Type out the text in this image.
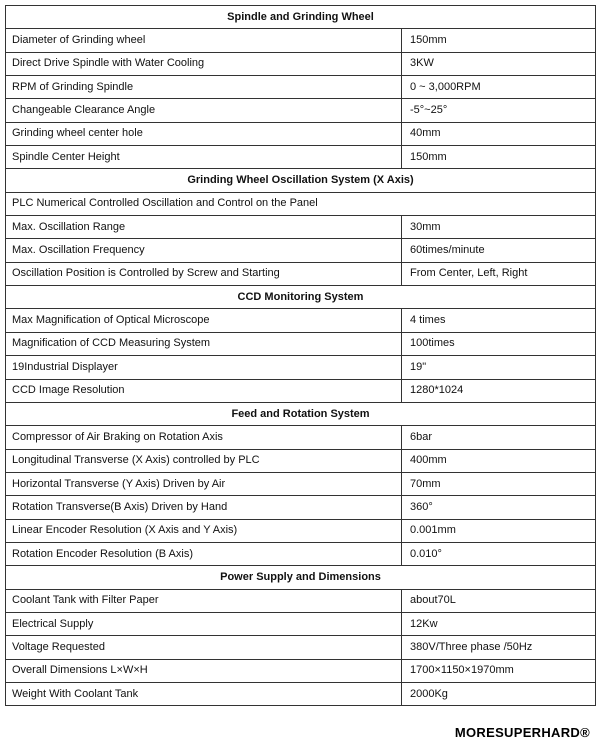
Spindle and Grinding Wheel	
Diameter of Grinding wheel	150mm
Direct Drive Spindle with Water Cooling	3KW
RPM of Grinding Spindle	0 ~ 3,000RPM
Changeable Clearance Angle	-5°~25°
Grinding wheel center hole	40mm
Spindle Center Height	150mm
Grinding Wheel Oscillation System (X Axis)	
PLC Numerical Controlled Oscillation and Control on the Panel	
Max. Oscillation Range	30mm
Max. Oscillation Frequency	60times/minute
Oscillation Position is Controlled by Screw and Starting	From Center, Left, Right
CCD Monitoring System	
Max Magnification of Optical Microscope	4 times
Magnification of CCD Measuring System	100times
19Industrial Displayer	19"
CCD Image Resolution	1280*1024
Feed and Rotation System	
Compressor of Air Braking on Rotation Axis	6bar
Longitudinal Transverse (X Axis) controlled by PLC	400mm
Horizontal Transverse (Y Axis) Driven by Air	70mm
Rotation Transverse(B Axis) Driven by Hand	360°
Linear Encoder Resolution (X Axis and Y Axis)	0.001mm
Rotation Encoder Resolution (B Axis)	0.010°
Power Supply and Dimensions	
Coolant Tank with Filter Paper	about70L
Electrical Supply	12Kw
Voltage Requested	380V/Three phase /50Hz
Overall Dimensions L×W×H	1700×1150×1970mm
Weight With Coolant Tank	2000Kg
MORESUPERHARD®
